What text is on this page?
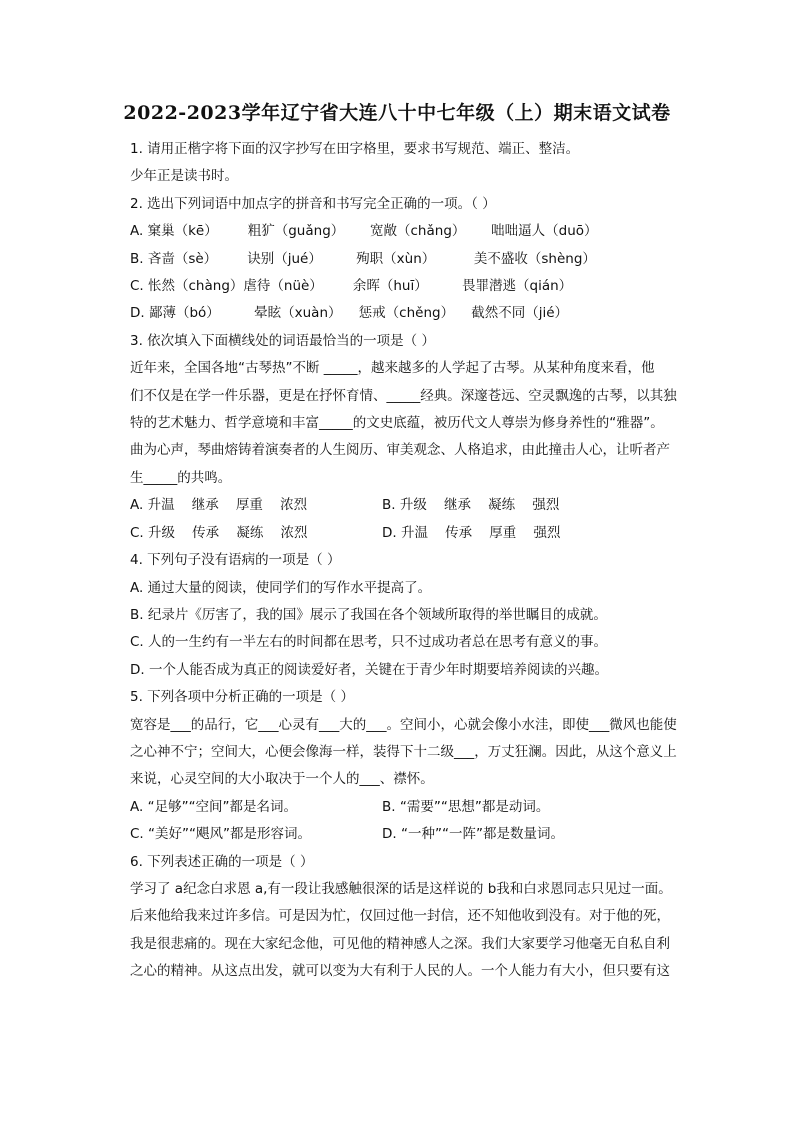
2022-2023学年辽宁省大连八十中七年级（上）期末语文试卷
1. 请用正楷字将下面的汉字抄写在田字格里，要求书写规范、端正、整洁。
少年正是读书时。
2. 选出下列词语中加点字的拼音和书写完全正确的一项。（ ）
A. 窠巢（kē）       粗犷（guǎng）      宽敞（chǎng）      咄咄逼人（duō）
B. 吝啬（sè）       诀别（jué）        殉职（xùn）         美不盛收（shèng）
C. 怅然（chàng）虐待（nüè）       余晖（huī）        畏罪潜逃（qián）
D. 鄙薄（bó）        晕眩（xuàn）    惩戒（chěng）    截然不同（jié）
3. 依次填入下面横线处的词语最恰当的一项是（ ）
近年来，全国各地“古琴热”不断 _____，越来越多的人学起了古琴。从某种角度来看，他
们不仅是在学一件乐器，更是在抒怀育情、_____经典。深邃苍远、空灵飘逸的古琴，以其独
特的艺术魅力、哲学意境和丰富_____的文史底蕴，被历代文人尊崇为修身养性的“雅器”。
曲为心声，琴曲熔铸着演奏者的人生阅历、审美观念、人格追求，由此撞击人心，让听者产
生_____的共鸣。
A. 升温    继承    厚重    浓烈	B. 升级    继承    凝练    强烈
C. 升级    传承    凝练    浓烈	D. 升温    传承    厚重    强烈
4. 下列句子没有语病的一项是（ ）
A. 通过大量的阅读，使同学们的写作水平提高了。
B. 纪录片《厉害了，我的国》展示了我国在各个领域所取得的举世瞩目的成就。
C. 人的一生约有一半左右的时间都在思考，只不过成功者总在思考有意义的事。
D. 一个人能否成为真正的阅读爱好者，关键在于青少年时期要培养阅读的兴趣。
5. 下列各项中分析正确的一项是（ ）
宽容是___的品行，它___心灵有___大的___。空间小，心就会像小水洼，即使___微风也能使
之心神不宁；空间大，心便会像海一样，装得下十二级___，万丈狂澜。因此，从这个意义上
来说，心灵空间的大小取决于一个人的___、襟怀。
A. “足够”“空间”都是名词。	B. “需要”“思想”都是动词。
C. “美好”“飓风”都是形容词。	D. “一种”“一阵”都是数量词。
6. 下列表述正确的一项是（ ）
学习了 a纪念白求恩 a,有一段让我感触很深的话是这样说的 b我和白求恩同志只见过一面。
后来他给我来过许多信。可是因为忙，仅回过他一封信，还不知他收到没有。对于他的死，
我是很悲痛的。现在大家纪念他，可见他的精神感人之深。我们大家要学习他毫无自私自利
之心的精神。从这点出发，就可以变为大有利于人民的人。一个人能力有大小，但只要有这
